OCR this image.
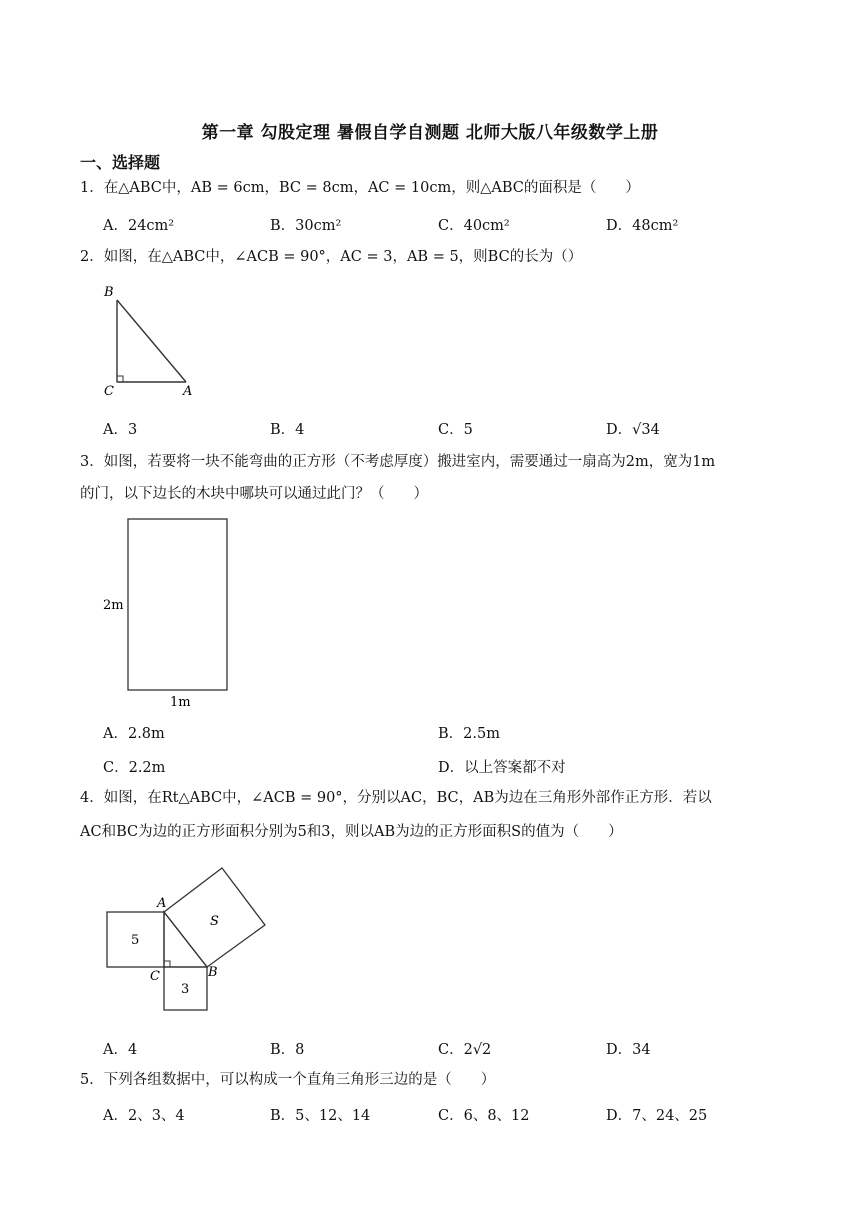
第一章 勾股定理 暑假自学自测题 北师大版八年级数学上册
一、选择题
1．在△ABC中，AB = 6cm，BC = 8cm，AC = 10cm，则△ABC的面积是（　　）
A．24cm²	B．30cm²	C．40cm²	D．48cm²
2．如图，在△ABC中，∠ACB = 90°，AC = 3，AB = 5，则BC的长为（）
B
C	A
A．3	B．4	C．5	D．√34
3．如图，若要将一块不能弯曲的正方形（不考虑厚度）搬进室内，需要通过一扇高为2m，宽为1m
的门，以下边长的木块中哪块可以通过此门？（　　）
2m
1m
A．2.8m	B．2.5m
C．2.2m	D．以上答案都不对
4．如图，在Rt△ABC中，∠ACB = 90°，分别以AC，BC，AB为边在三角形外部作正方形．若以
AC和BC为边的正方形面积分别为5和3，则以AB为边的正方形面积S的值为（　　）
A
C	B
5
3
S
A．4	B．8	C．2√2	D．34
5．下列各组数据中，可以构成一个直角三角形三边的是（　　）
A．2、3、4	B．5、12、14	C．6、8、12	D．7、24、25
